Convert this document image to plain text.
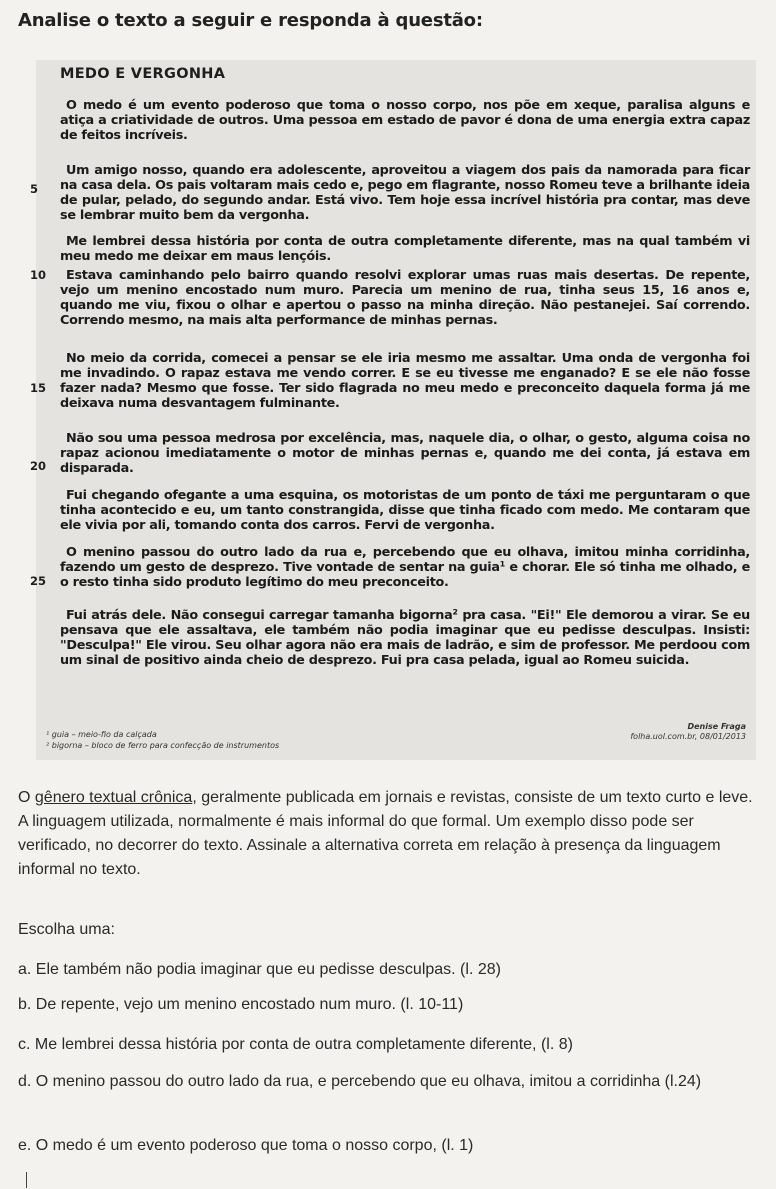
Analise o texto a seguir e responda à questão:
MEDO E VERGONHA
O medo é um evento poderoso que toma o nosso corpo, nos põe em xeque, paralisa alguns e atiça a criatividade de outros. Uma pessoa em estado de pavor é dona de uma energia extra capaz de feitos incríveis.
Um amigo nosso, quando era adolescente, aproveitou a viagem dos pais da namorada para ficar na casa dela. Os pais voltaram mais cedo e, pego em flagrante, nosso Romeu teve a brilhante ideia de pular, pelado, do segundo andar. Está vivo. Tem hoje essa incrível história pra contar, mas deve se lembrar muito bem da vergonha.
Me lembrei dessa história por conta de outra completamente diferente, mas na qual também vi meu medo me deixar em maus lençóis.
Estava caminhando pelo bairro quando resolvi explorar umas ruas mais desertas. De repente, vejo um menino encostado num muro. Parecia um menino de rua, tinha seus 15, 16 anos e, quando me viu, fixou o olhar e apertou o passo na minha direção. Não pestanejei. Saí correndo. Correndo mesmo, na mais alta performance de minhas pernas.
No meio da corrida, comecei a pensar se ele iria mesmo me assaltar. Uma onda de vergonha foi me invadindo. O rapaz estava me vendo correr. E se eu tivesse me enganado? E se ele não fosse fazer nada? Mesmo que fosse. Ter sido flagrada no meu medo e preconceito daquela forma já me deixava numa desvantagem fulminante.
Não sou uma pessoa medrosa por excelência, mas, naquele dia, o olhar, o gesto, alguma coisa no rapaz acionou imediatamente o motor de minhas pernas e, quando me dei conta, já estava em disparada.
Fui chegando ofegante a uma esquina, os motoristas de um ponto de táxi me perguntaram o que tinha acontecido e eu, um tanto constrangida, disse que tinha ficado com medo. Me contaram que ele vivia por ali, tomando conta dos carros. Fervi de vergonha.
O menino passou do outro lado da rua e, percebendo que eu olhava, imitou minha corridinha, fazendo um gesto de desprezo. Tive vontade de sentar na guia¹ e chorar. Ele só tinha me olhado, e o resto tinha sido produto legítimo do meu preconceito.
Fui atrás dele. Não consegui carregar tamanha bigorna² pra casa. "Ei!" Ele demorou a virar. Se eu pensava que ele assaltava, ele também não podia imaginar que eu pedisse desculpas. Insisti: "Desculpa!" Ele virou. Seu olhar agora não era mais de ladrão, e sim de professor. Me perdoou com um sinal de positivo ainda cheio de desprezo. Fui pra casa pelada, igual ao Romeu suicida.
5
10
15
20
25
¹ guia – meio-fio da calçada
² bigorna – bloco de ferro para confecção de instrumentos
Denise Fraga
folha.uol.com.br, 08/01/2013
O gênero textual crônica, geralmente publicada em jornais e revistas, consiste de um texto curto e leve. A linguagem utilizada, normalmente é mais informal do que formal. Um exemplo disso pode ser verificado, no decorrer do texto. Assinale a alternativa correta em relação à presença da linguagem informal no texto.
Escolha uma:
a. Ele também não podia imaginar que eu pedisse desculpas. (l. 28)
b. De repente, vejo um menino encostado num muro. (l. 10-11)
c. Me lembrei dessa história por conta de outra completamente diferente, (l. 8)
d. O menino passou do outro lado da rua, e percebendo que eu olhava, imitou a corridinha (l.24)
e. O medo é um evento poderoso que toma o nosso corpo, (l. 1)
